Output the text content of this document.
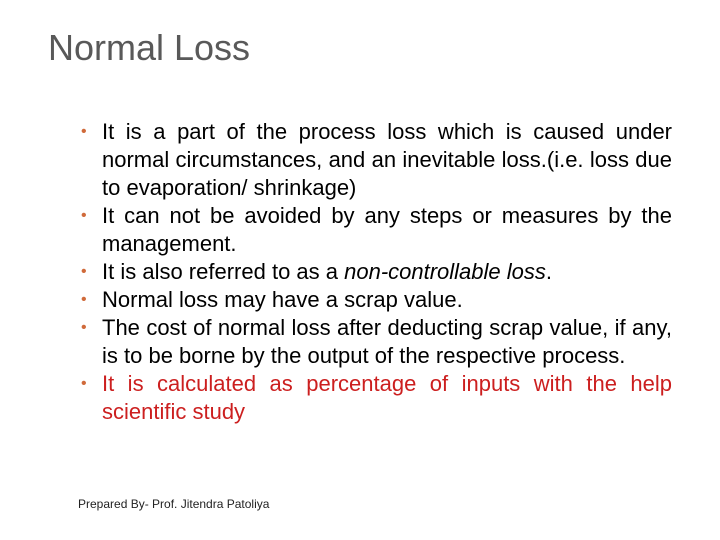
Normal Loss
• It is a part of the process loss which is caused under normal circumstances, and an inevitable loss.(i.e. loss due to evaporation/ shrinkage)
• It can not be avoided by any steps or measures by the management.
• It is also referred to as a non-controllable loss.
• Normal loss may have a scrap value.
• The cost of normal loss after deducting scrap value, if any, is to be borne by the output of the respective process.
• It is calculated as percentage of inputs with the help scientific study
Prepared By- Prof. Jitendra Patoliya
